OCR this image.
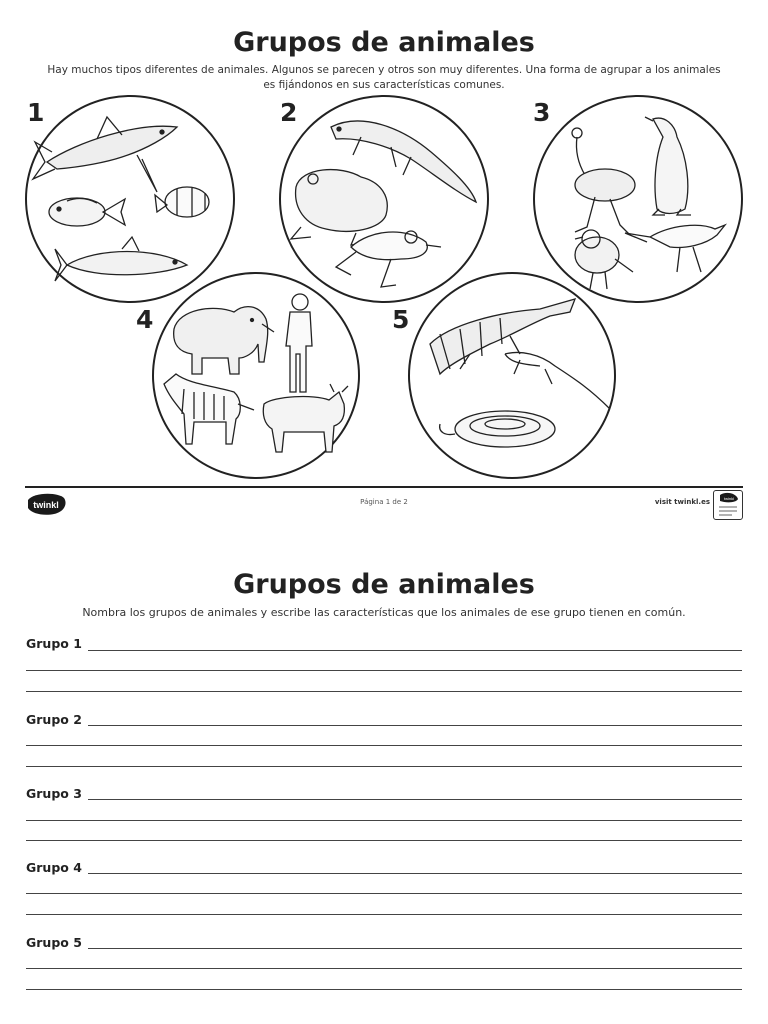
Grupos de animales
Hay muchos tipos diferentes de animales. Algunos se parecen y otros son muy diferentes. Una forma de agrupar a los animales es fijándonos en sus características comunes.
1	2	3
4	5
twinkl	Página 1 de 2	visit twinkl.es	twinkl
Grupos de animales
Nombra los grupos de animales y escribe las características que los animales de ese grupo tienen en común.
Grupo 1
Grupo 2
Grupo 3
Grupo 4
Grupo 5
